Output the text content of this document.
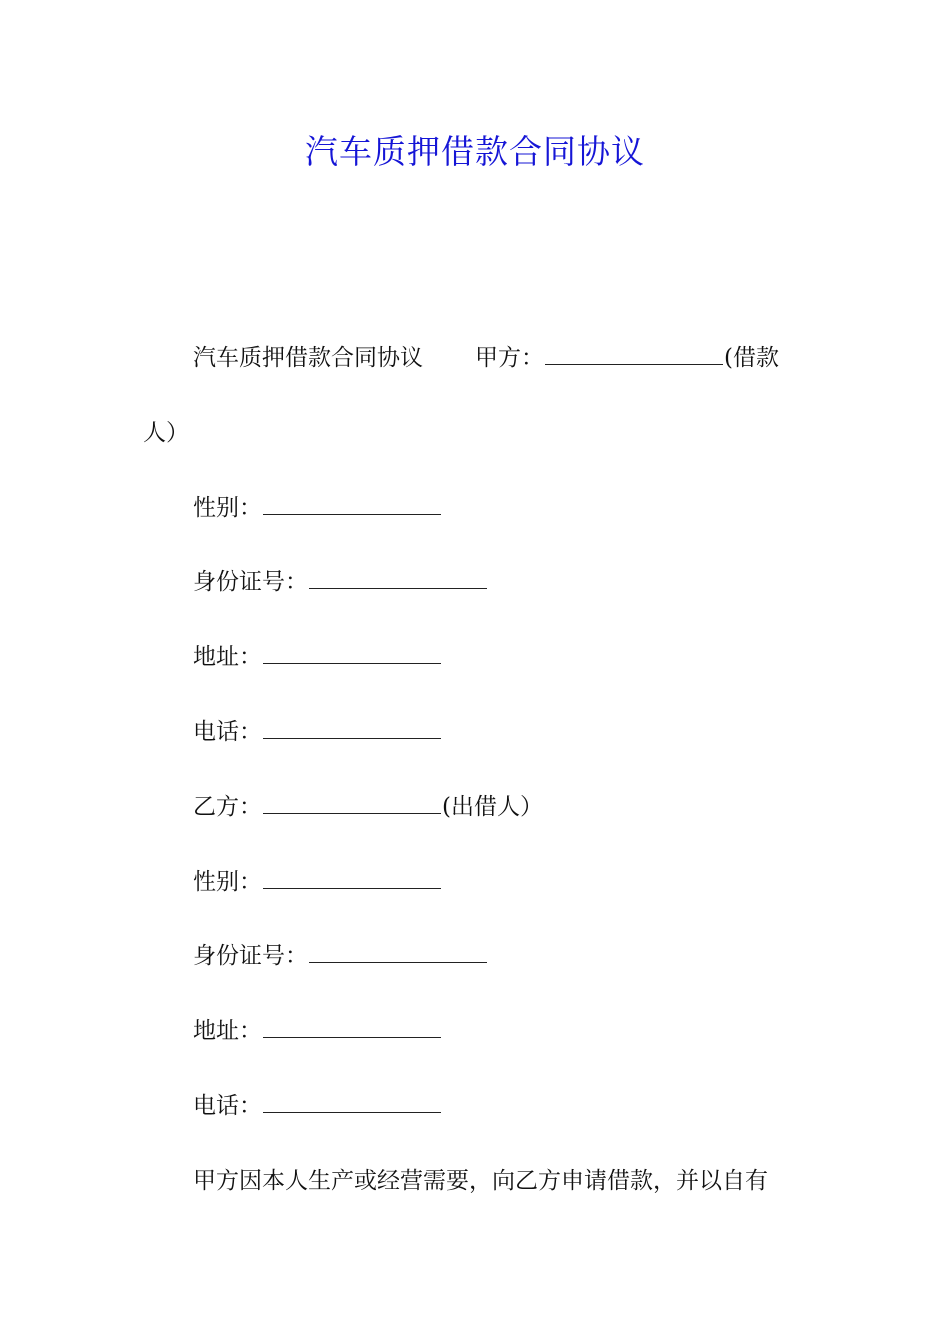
汽车质押借款合同协议
汽车质押借款合同协议 甲方：	(借款
人）
性别：
身份证号：
地址：
电话：
乙方：	(出借人）
性别：
身份证号：
地址：
电话：
甲方因本人生产或经营需要，向乙方申请借款，并以自有
